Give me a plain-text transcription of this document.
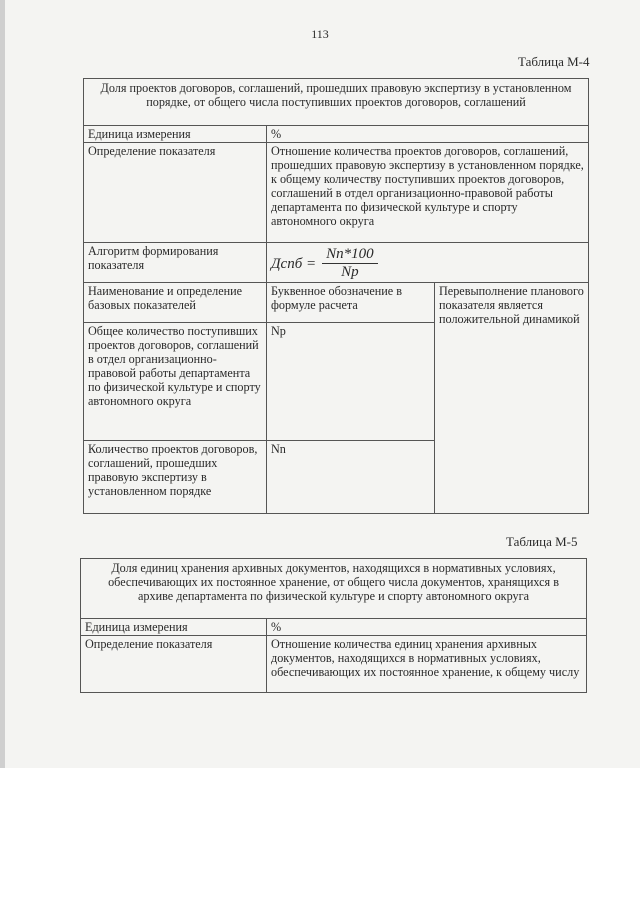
113
Таблица М-4
Доля проектов договоров, соглашений, прошедших правовую экспертизу в установленном порядке, от общего числа поступивших проектов договоров, соглашений		
Единица измерения	%	
Определение показателя	Отношение количества проектов договоров, соглашений, прошедших правовую экспертизу в установленном порядке, к общему количеству поступивших проектов договоров, соглашений в отдел организационно-правовой работы департамента по физической культуре и спорту автономного округа	
Алгоритм формирования показателя	Дсnб = $\frac{Nn*100}{Np}$

Наименование и определение базовых показателей	Буквенное обозначение в формуле расчета	Перевыполнение планового показателя является положительной динамикой
Общее количество поступивших проектов договоров, соглашений в отдел организационно-правовой работы департамента по физической культуре и спорту автономного округа	Np	
Количество проектов договоров, соглашений, прошедших правовую экспертизу в установленном порядке	Nn	
Таблица М-5
Доля единиц хранения архивных документов, находящихся в нормативных условиях, обеспечивающих их постоянное хранение, от общего числа документов, хранящихся в архиве департамента по физической культуре и спорту автономного округа	
Единица измерения	%
Определение показателя	Отношение количества единиц хранения архивных документов, находящихся в нормативных условиях, обеспечивающих их постоянное хранение, к общему числу
